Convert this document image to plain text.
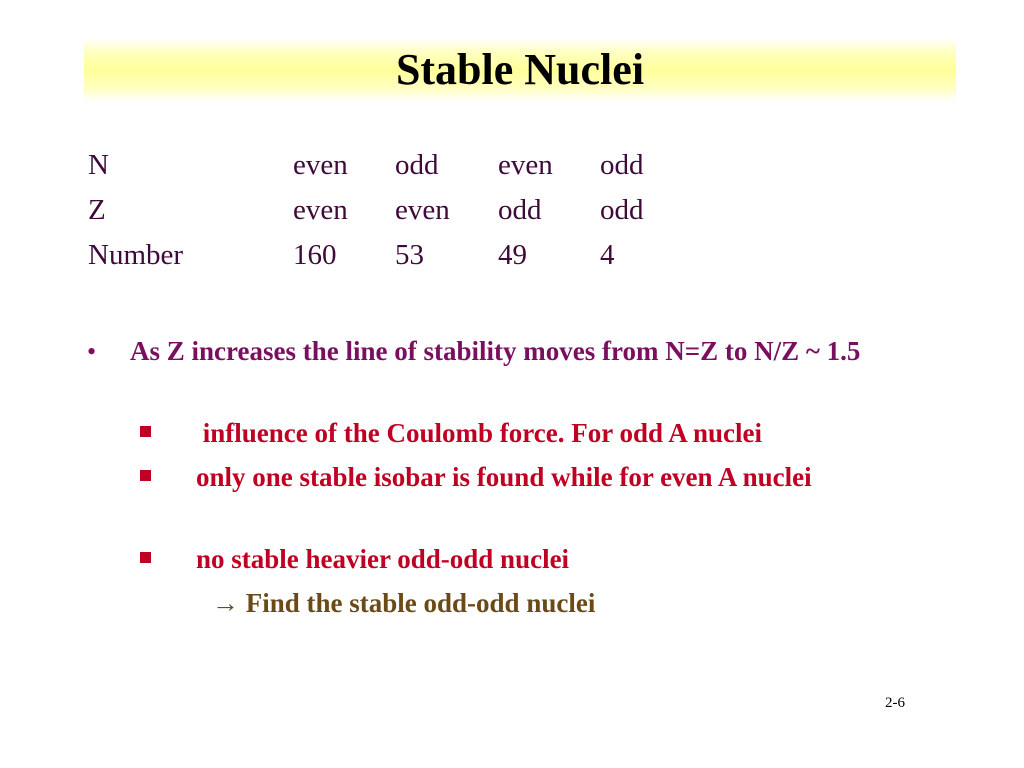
Stable Nuclei
N	even odd even odd
Z	even even odd odd
Number	160 53	49	4
• As Z increases the line of stability moves from N=Z to N/Z ~ 1.5
influence of the Coulomb force. For odd A nuclei
only one stable isobar is found while for even A nuclei
no stable heavier odd-odd nuclei
→ Find the stable odd-odd nuclei
2-6
